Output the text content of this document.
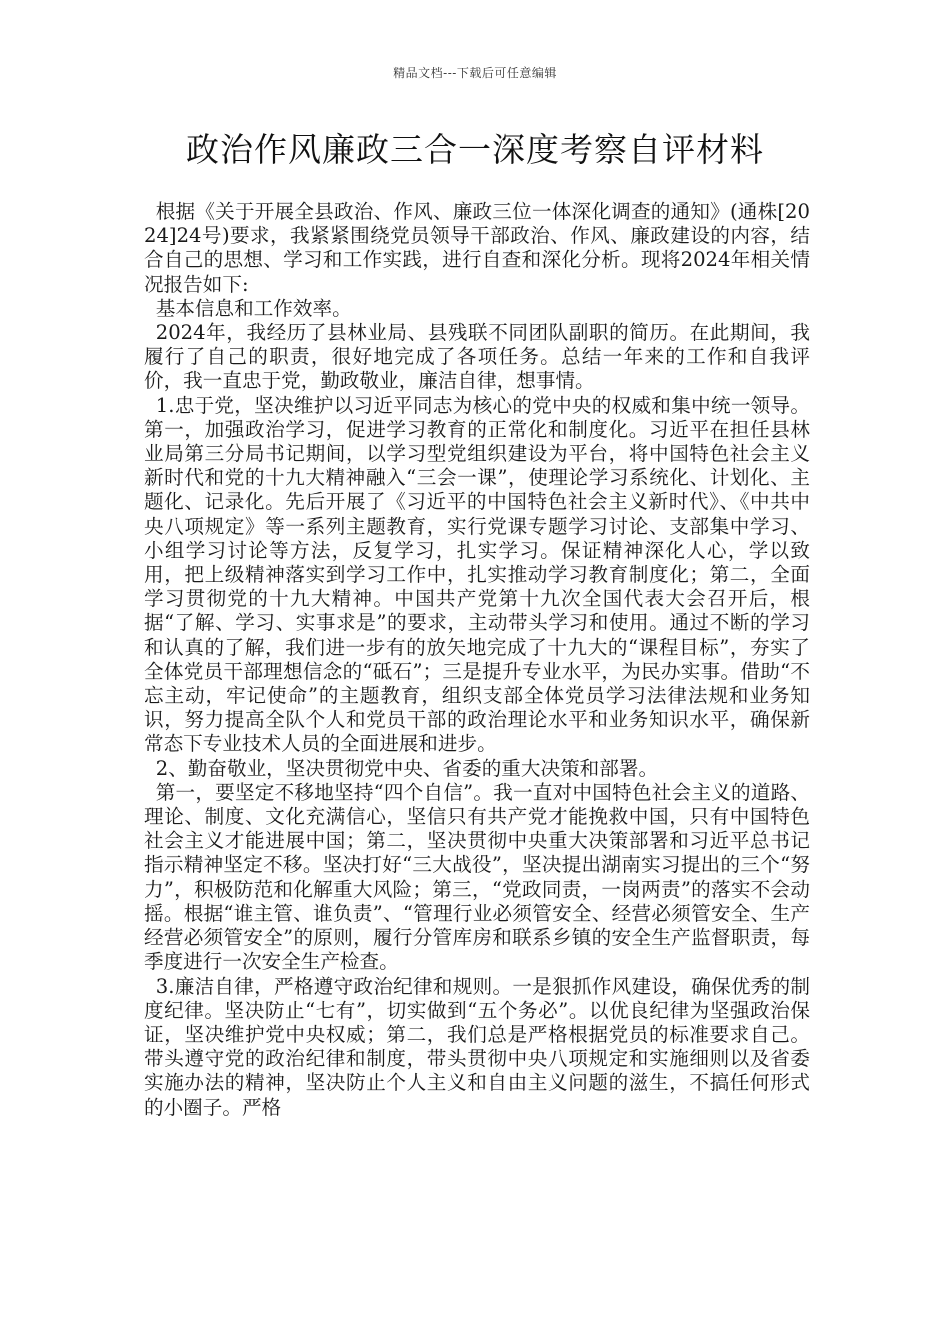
精品文档---下载后可任意编辑
政治作风廉政三合一深度考察自评材料

根据《关于开展全县政治、作风、廉政三位一体深化调查的通知》(通株[2024]24号)要求，我紧紧围绕党员领导干部政治、作风、廉政建设的内容，结合自己的思想、学习和工作实践，进行自查和深化分析。现将2024年相关情况报告如下:

基本信息和工作效率。

2024年，我经历了县林业局、县残联不同团队副职的简历。在此期间，我履行了自己的职责，很好地完成了各项任务。总结一年来的工作和自我评价，我一直忠于党，勤政敬业，廉洁自律，想事情。

1.忠于党，坚决维护以习近平同志为核心的党中央的权威和集中统一领导。第一，加强政治学习，促进学习教育的正常化和制度化。习近平在担任县林业局第三分局书记期间，以学习型党组织建设为平台，将中国特色社会主义新时代和党的十九大精神融入“三会一课”，使理论学习系统化、计划化、主题化、记录化。先后开展了《习近平的中国特色社会主义新时代》、《中共中央八项规定》等一系列主题教育，实行党课专题学习讨论、支部集中学习、小组学习讨论等方法，反复学习，扎实学习。保证精神深化人心，学以致用，把上级精神落实到学习工作中，扎实推动学习教育制度化；第二，全面学习贯彻党的十九大精神。中国共产党第十九次全国代表大会召开后，根据“了解、学习、实事求是”的要求，主动带头学习和使用。通过不断的学习和认真的了解，我们进一步有的放矢地完成了十九大的“课程目标”，夯实了全体党员干部理想信念的“砥石”；三是提升专业水平，为民办实事。借助“不忘主动，牢记使命”的主题教育，组织支部全体党员学习法律法规和业务知识，努力提高全队个人和党员干部的政治理论水平和业务知识水平，确保新常态下专业技术人员的全面进展和进步。

2、勤奋敬业，坚决贯彻党中央、省委的重大决策和部署。

第一，要坚定不移地坚持“四个自信”。我一直对中国特色社会主义的道路、理论、制度、文化充满信心，坚信只有共产党才能挽救中国，只有中国特色社会主义才能进展中国；第二，坚决贯彻中央重大决策部署和习近平总书记指示精神坚定不移。坚决打好“三大战役”，坚决提出湖南实习提出的三个“努力”，积极防范和化解重大风险；第三，“党政同责，一岗两责”的落实不会动摇。根据“谁主管、谁负责”、“管理行业必须管安全、经营必须管安全、生产经营必须管安全”的原则，履行分管库房和联系乡镇的安全生产监督职责，每季度进行一次安全生产检查。

3.廉洁自律，严格遵守政治纪律和规则。一是狠抓作风建设，确保优秀的制度纪律。坚决防止“七有”，切实做到“五个务必”。以优良纪律为坚强政治保证，坚决维护党中央权威；第二，我们总是严格根据党员的标准要求自己。带头遵守党的政治纪律和制度，带头贯彻中央八项规定和实施细则以及省委实施办法的精神，坚决防止个人主义和自由主义问题的滋生，不搞任何形式的小圈子。严格
